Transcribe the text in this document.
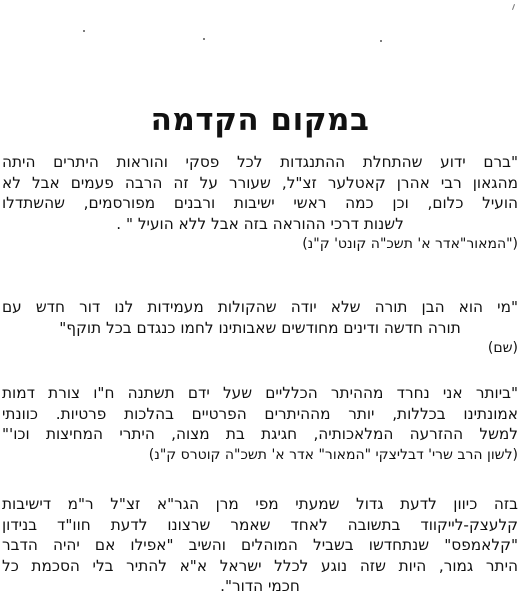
במקום הקדמה
"ברם ידוע שהתחלת ההתנגדות לכל פסקי והוראות היתרים היתה
מהגאון רבי אהרן קאטלער זצ"ל, שעורר על זה הרבה פעמים אבל לא
הועיל כלום, וכן כמה ראשי ישיבות ורבנים מפורסמים, שהשתדלו
לשנות דרכי ההוראה בזה אבל ללא הועיל " .
("המאור"אדר א' תשכ"ה קונט' ק"נ)
"מי הוא הבן תורה שלא יודה שהקולות מעמידות לנו דור חדש עם
תורה חדשה ודינים מחודשים שאבותינו לחמו כנגדם בכל תוקף"
(שם)
"ביותר אני נחרד מההיתר הכלליים שעל ידם תשתנה ח"ו צורת דמות
אמונתינו בכללות, יותר מההיתרים הפרטיים בהלכות פרטיות. כוונתי
למשל ההזרעה המלאכותיה, חגיגת בת מצוה, היתרי המחיצות וכו'"
(לשון הרב שרי' דבליצקי "המאור" אדר א' תשכ"ה קוטרס ק"נ)
בזה כיוון לדעת גדול שמעתי מפי מרן הגר"א זצ"ל ר"מ דישיבות
קלעצק-לייקווד בתשובה לאחד שאמר שרצונו לדעת חוו"ד בנידון
"קלאמפס" שנתחדשו בשביל המוהלים והשיב "אפילו אם יהיה הדבר
היתר גמור, היות שזה נוגע לכלל ישראל א"א להתיר בלי הסכמת כל
חכמי הדור".
